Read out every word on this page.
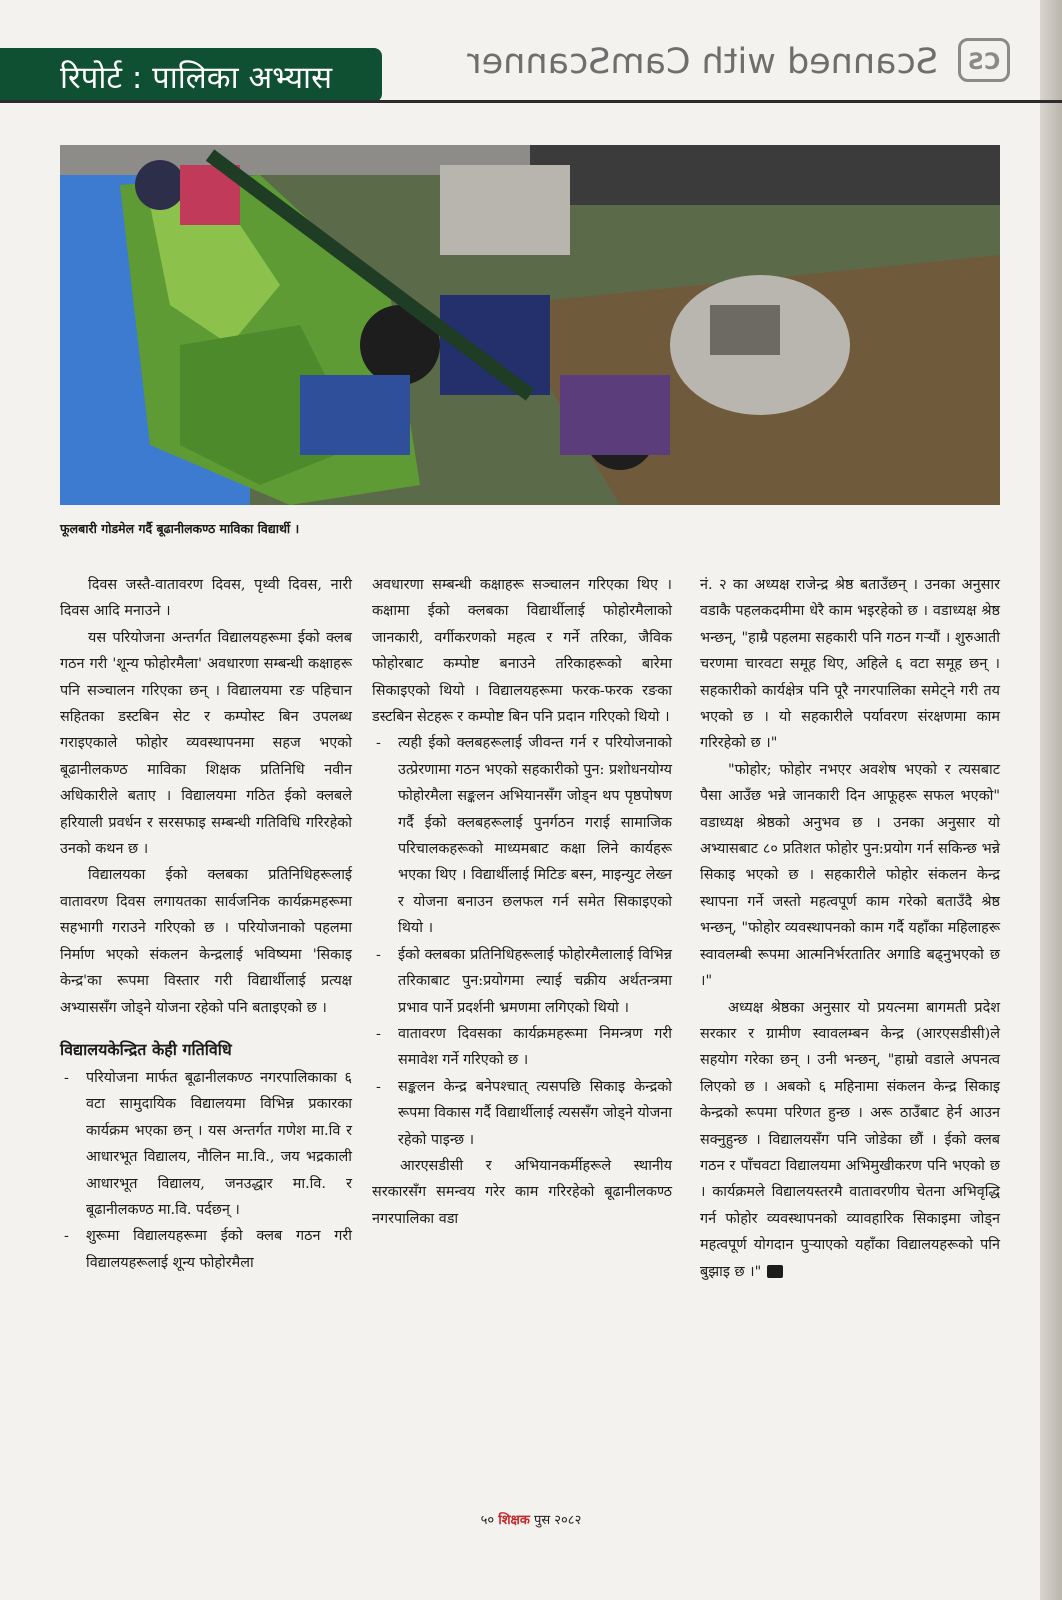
CS
Scanned with CamScanner
रिपोर्ट : पालिका अभ्यास
फूलबारी गोडमेल गर्दै बूढानीलकण्ठ मावि​का विद्यार्थी ।

दिवस जस्तै-वातावरण दिवस, पृथ्वी दिवस, नारी दिवस आदि मनाउने ।

यस परियोजना अन्तर्गत विद्यालयहरूमा ईको क्लब गठन गरी 'शून्य फोहोरमैला' अवधारणा सम्बन्धी कक्षाहरू पनि सञ्चालन गरिएका छन् । विद्यालयमा रङ पहिचान सहितका डस्टबिन सेट र कम्पोस्ट बिन उपलब्ध गराइएकाले फोहोर व्यवस्थापनमा सहज भएको बूढानीलकण्ठ माविका शिक्षक प्रतिनिधि नवीन अधिकारीले बताए । विद्यालयमा गठित ईको क्लबले हरियाली प्रवर्धन र सरसफाइ सम्बन्धी गतिविधि गरिरहेको उनको कथन छ ।

विद्यालयका ईको क्लबका प्रतिनिधिहरूलाई वातावरण दिवस लगायतका सार्वजनिक कार्यक्रमहरूमा सहभागी गराउने गरिएको छ । परियोजनाको पहलमा निर्माण भएको संकलन केन्द्रलाई भविष्यमा 'सिकाइ केन्द्र'का रूपमा विस्तार गरी विद्यार्थीलाई प्रत्यक्ष अभ्याससँग जोड्ने योजना रहेको पनि बताइएको छ ।

विद्यालयकेन्द्रित केही गतिविधि

- परियोजना मार्फत बूढानीलकण्ठ नगरपालिकाका ६ वटा सामुदायिक विद्यालयमा विभिन्न प्रकारका कार्यक्रम भएका छन् । यस अन्तर्गत गणेश मा.वि र आधारभूत विद्यालय, नौलिन मा.वि., जय भद्रकाली आधारभूत विद्यालय, जनउद्धार मा.वि. र बूढानीलकण्ठ मा.वि. पर्दछन् ।
- शुरूमा विद्यालयहरूमा ईको क्लब गठन गरी विद्यालयहरूलाई शून्य फोहोरमैला

अवधारणा सम्बन्धी कक्षाहरू सञ्चालन गरिएका थिए । कक्षामा ईको क्लबका विद्यार्थीलाई फोहोरमैलाको जानकारी, वर्गीकरणको महत्व र गर्ने तरिका, जैविक फोहोरबाट कम्पोष्ट बनाउने तरिकाहरूको बारेमा सिकाइएको थियो । विद्यालयहरूमा फरक-फरक रङका डस्टबिन सेटहरू र कम्पोष्ट बिन पनि प्रदान गरिएको थियो ।

- त्यही ईको क्लबहरूलाई जीवन्त गर्न र परियोजनाको उत्प्रेरणामा गठन भएको सहकारीको पुन: प्रशोधनयोग्य फोहोरमैला सङ्कलन अभियानसँग जोड्न थप पृष्ठपोषण गर्दै ईको क्लबहरूलाई पुनर्गठन गराई सामाजिक परिचालकहरूको माध्यमबाट कक्षा लिने कार्यहरू भएका थिए । विद्यार्थीलाई मिटिङ बस्न, माइन्युट लेख्न र योजना बनाउन छलफल गर्न समेत सिकाइएको थियो ।
- ईको क्लबका प्रतिनिधिहरूलाई फोहोरमैलालाई विभिन्न तरिकाबाट पुन:प्रयोगमा ल्याई चक्रीय अर्थतन्त्रमा प्रभाव पार्ने प्रदर्शनी भ्रमणमा लगिएको थियो ।
- वातावरण दिवसका कार्यक्रमहरूमा निमन्त्रण गरी समावेश गर्ने गरिएको छ ।
- सङ्कलन केन्द्र बनेपश्चात् त्यसपछि सिकाइ केन्द्रको रूपमा विकास गर्दै विद्यार्थीलाई त्यससँग जोड्ने योजना रहेको पाइन्छ ।

आरएसडीसी र अभियानकर्मीहरूले स्थानीय सरकारसँग समन्वय गरेर काम गरिरहेको बूढानीलकण्ठ नगरपालिका वडा

नं. २ का अध्यक्ष राजेन्द्र श्रेष्ठ बताउँछन् । उनका अनुसार वडाकै पहलकदमीमा धेरै काम भइरहेको छ । वडाध्यक्ष श्रेष्ठ भन्छन्, "हाम्रै पहलमा सहकारी पनि गठन गर्‍यौं । शुरुआती चरणमा चारवटा समूह थिए, अहिले ६ वटा समूह छन् । सहकारीको कार्यक्षेत्र पनि पूरै नगरपालिका समेट्ने गरी तय भएको छ । यो सहकारीले पर्यावरण संरक्षणमा काम गरिरहेको छ ।"

"फोहोर; फोहोर नभएर अवशेष भएको र त्यसबाट पैसा आउँछ भन्ने जानकारी दिन आफूहरू सफल भएको" वडाध्यक्ष श्रेष्ठको अनुभव छ । उनका अनुसार यो अभ्यासबाट ८० प्रतिशत फोहोर पुन:प्रयोग गर्न सकिन्छ भन्ने सिकाइ भएको छ । सहकारीले फोहोर संकलन केन्द्र स्थापना गर्ने जस्तो महत्वपूर्ण काम गरेको बताउँदै श्रेष्ठ भन्छन्, "फोहोर व्यवस्थापनको काम गर्दै यहाँका महिलाहरू स्वावलम्बी रूपमा आत्मनिर्भरतातिर अगाडि बढ्नुभएको छ ।"

अध्यक्ष श्रेष्ठका अनुसार यो प्रयत्नमा बागमती प्रदेश सरकार र ग्रामीण स्वावलम्बन केन्द्र (आरएसडीसी)ले सहयोग गरेका छन् । उनी भन्छन्, "हाम्रो वडाले अपनत्व लिएको छ । अबको ६ महिनामा संकलन केन्द्र सिकाइ केन्द्रको रूपमा परिणत हुन्छ । अरू ठाउँबाट हेर्न आउन सक्नुहुन्छ । विद्यालयसँग पनि जोडेका छौं । ईको क्लब गठन र पाँचवटा विद्यालयमा अभिमुखीकरण पनि भएको छ । कार्यक्रमले विद्यालयस्तरमै वातावरणीय चेतना अभिवृद्धि गर्न फोहोर व्यवस्थापनको व्यावहारिक सिकाइमा जोड्न महत्वपूर्ण योगदान पुर्‍याएको यहाँका विद्यालयहरूको पनि बुझाइ छ ।"

५० शिक्षक पुस २०८२
